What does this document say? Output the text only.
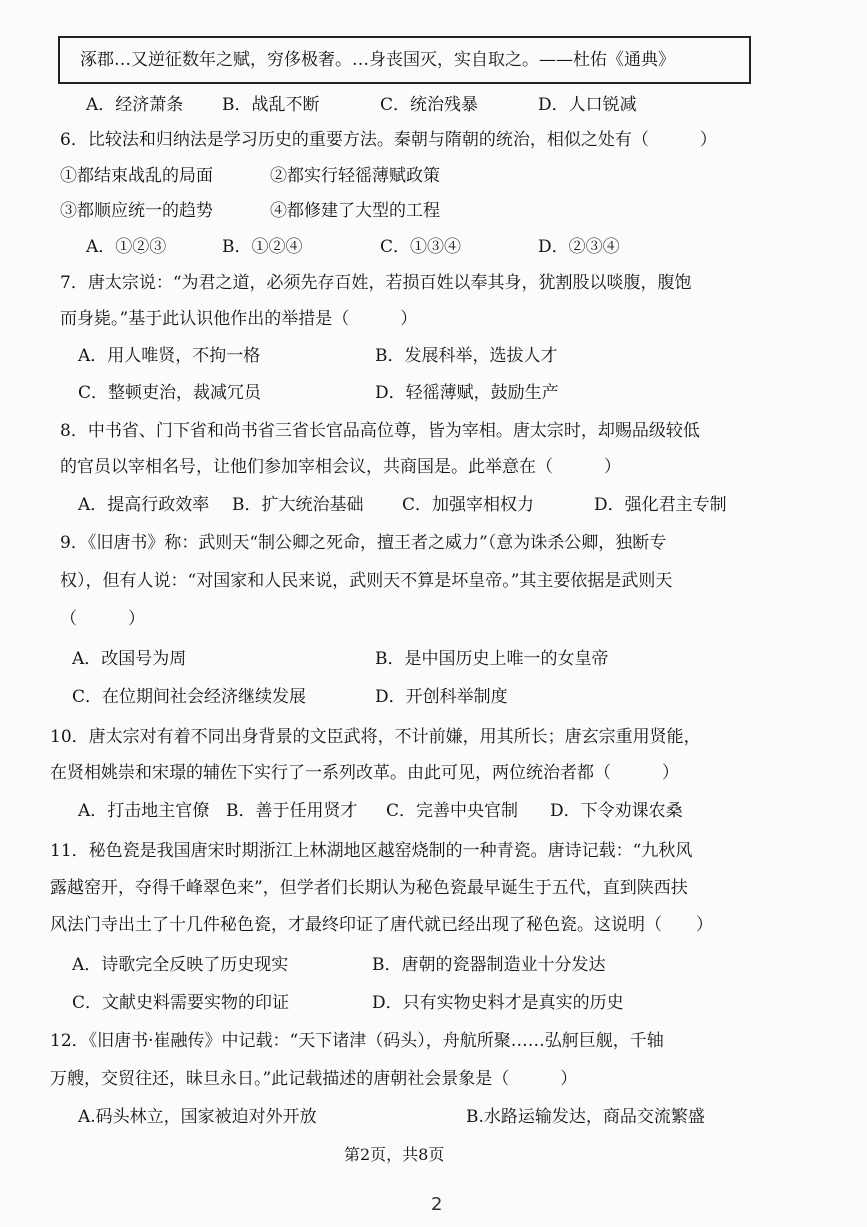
涿郡…又逆征数年之赋，穷侈极奢。…身丧国灭，实自取之。——杜佑《通典》
A．经济萧条 B．战乱不断	C．统治残暴	D．人口锐减
6．比较法和归纳法是学习历史的重要方法。秦朝与隋朝的统治，相似之处有（　　　）
①都结束战乱的局面	②都实行轻徭薄赋政策
③都顺应统一的趋势	④都修建了大型的工程
A．①②③	B．①②④	C．①③④	D．②③④
7．唐太宗说：“为君之道，必须先存百姓，若损百姓以奉其身，犹割股以啖腹，腹饱
而身毙。”基于此认识他作出的举措是（　　　）
A．用人唯贤，不拘一格	B．发展科举，选拔人才
C．整顿吏治，裁减冗员	D．轻徭薄赋，鼓励生产
8．中书省、门下省和尚书省三省长官品高位尊，皆为宰相。唐太宗时，却赐品级较低
的官员以宰相名号，让他们参加宰相会议，共商国是。此举意在（　　　）
A．提高行政效率 B．扩大统治基础 C．加强宰相权力	D．强化君主专制
9．《旧唐书》称：武则天“制公卿之死命，擅王者之威力”（意为诛杀公卿，独断专
权），但有人说：“对国家和人民来说，武则天不算是坏皇帝。”其主要依据是武则天
（　　　）
A．改国号为周	B．是中国历史上唯一的女皇帝
C．在位期间社会经济继续发展	D．开创科举制度
10．唐太宗对有着不同出身背景的文臣武将，不计前嫌，用其所长；唐玄宗重用贤能，
在贤相姚崇和宋璟的辅佐下实行了一系列改革。由此可见，两位统治者都（　　　）
A．打击地主官僚 B．善于任用贤才 C．完善中央官制 D．下令劝课农桑
11．秘色瓷是我国唐宋时期浙江上林湖地区越窑烧制的一种青瓷。唐诗记载：“九秋风
露越窑开，夺得千峰翠色来”，但学者们长期认为秘色瓷最早诞生于五代，直到陕西扶
风法门寺出土了十几件秘色瓷，才最终印证了唐代就已经出现了秘色瓷。这说明（　　）
A．诗歌完全反映了历史现实	B．唐朝的瓷器制造业十分发达
C．文献史料需要实物的印证	D．只有实物史料才是真实的历史
12．《旧唐书·崔融传》中记载：“天下诸津（码头），舟航所聚……弘舸巨舰，千轴
万艘，交贸往还，昧旦永日。”此记载描述的唐朝社会景象是（　　　）
A.码头林立，国家被迫对外开放	B.水路运输发达，商品交流繁盛
第2页，共8页
2
